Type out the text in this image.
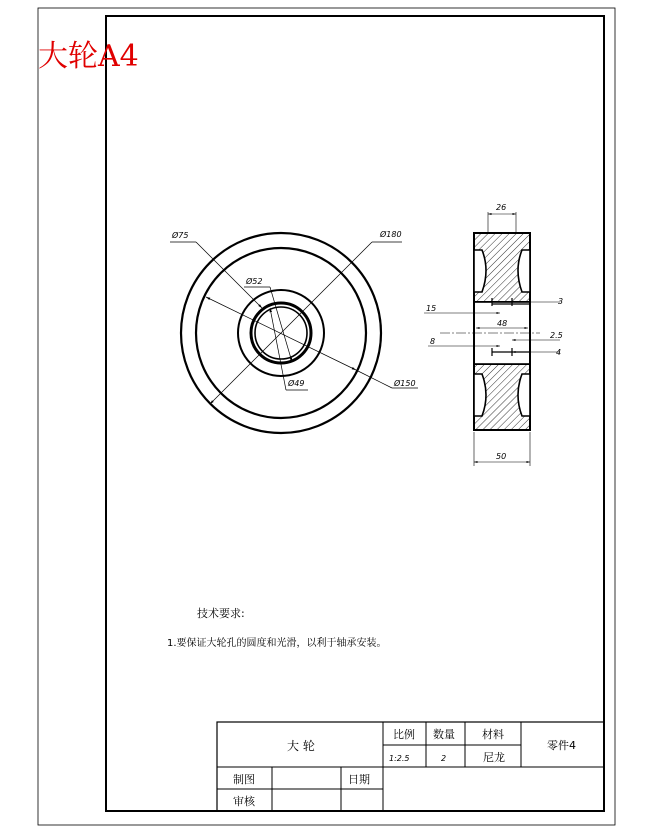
大轮A4
Ø180
Ø75
Ø150
Ø52
Ø49
26
3
15
48
2.5
8
4
50
技术要求:
1.要保证大轮孔的圆度和光滑，以利于轴承安装。
大 轮
比例 数量 材料
1:2.5	2	尼龙
零件4
制图
审核
日期
